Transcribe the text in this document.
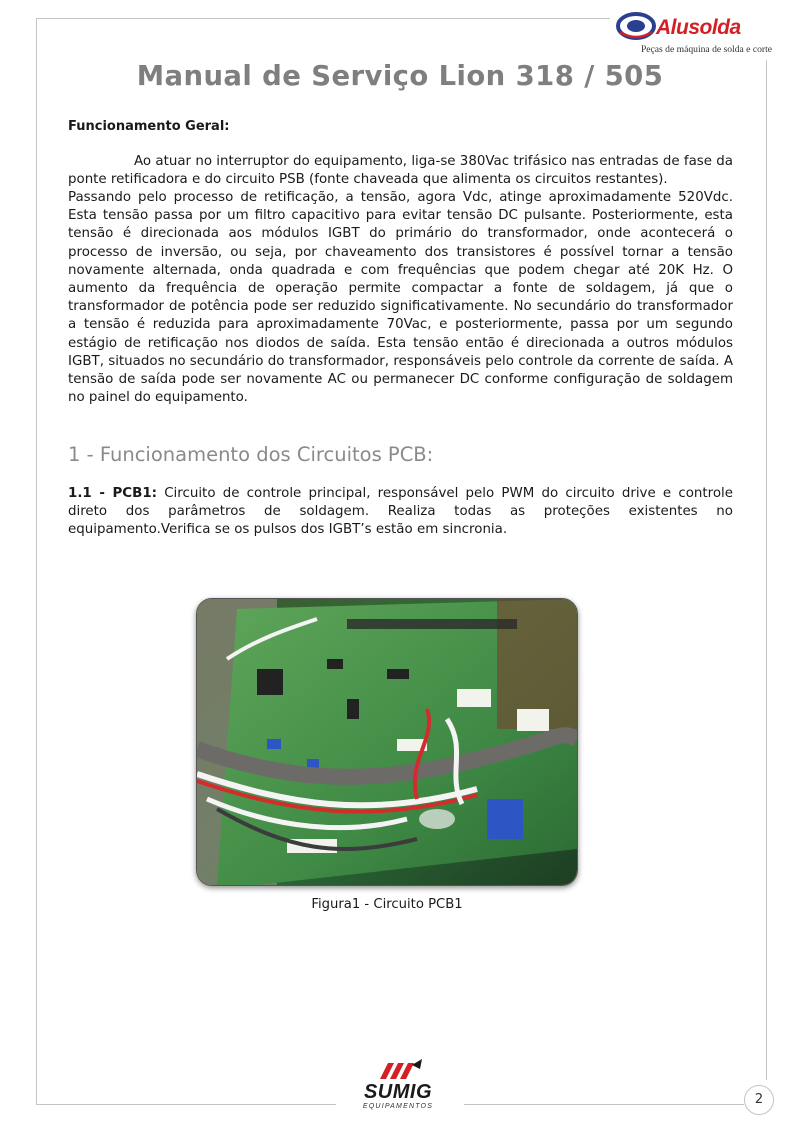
Alusolda
Peças de máquina de solda e corte
Manual de Serviço Lion 318 / 505
Funcionamento Geral:
Ao atuar no interruptor do equipamento, liga-se 380Vac trifásico nas entradas de fase da ponte retificadora e do circuito PSB (fonte chaveada que alimenta os circuitos restantes).
Passando pelo processo de retificação, a tensão, agora Vdc, atinge aproximadamente 520Vdc. Esta tensão passa por um filtro capacitivo para evitar tensão DC pulsante. Posteriormente, esta tensão é direcionada aos módulos IGBT do primário do transformador, onde acontecerá o processo de inversão, ou seja, por chaveamento dos transistores é possível tornar a tensão novamente alternada, onda quadrada e com frequências que podem chegar até 20K Hz. O aumento da frequência de operação permite compactar a fonte de soldagem, já que o transformador de potência pode ser reduzido significativamente. No secundário do transformador a tensão é reduzida para aproximadamente 70Vac, e posteriormente, passa por um segundo estágio de retificação nos diodos de saída. Esta tensão então é direcionada a outros módulos IGBT, situados no secundário do transformador, responsáveis pelo controle da corrente de saída. A tensão de saída pode ser novamente AC ou permanecer DC conforme configuração de soldagem no painel do equipamento.
1 - Funcionamento dos Circuitos PCB:
1.1 - PCB1: Circuito de controle principal, responsável pelo PWM do circuito drive e controle direto dos parâmetros de soldagem. Realiza todas as proteções existentes no equipamento.Verifica se os pulsos dos IGBT’s estão em sincronia.
Figura1 - Circuito PCB1
SUMIG
EQUIPAMENTOS	2
